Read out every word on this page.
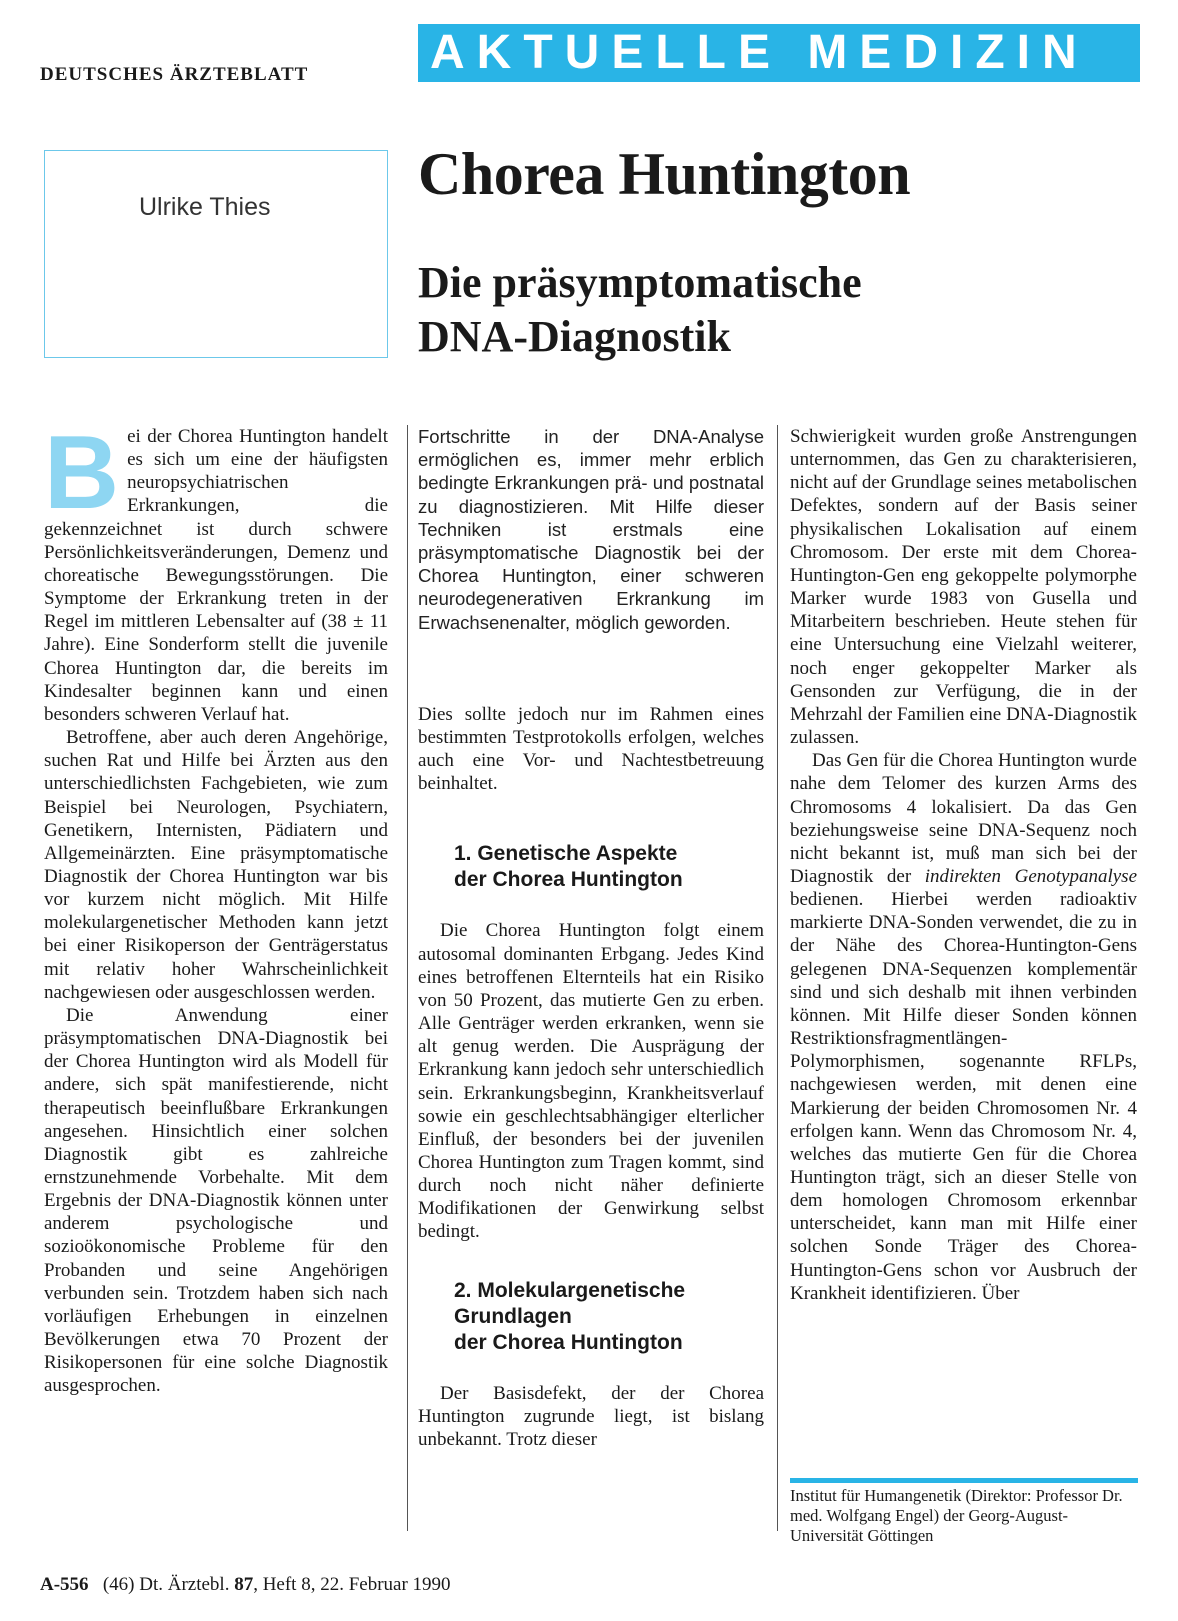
DEUTSCHES ÄRZTEBLATT	AKTUELLE MEDIZIN
Ulrike Thies Chorea Huntington
Die präsymptomatische
DNA-Diagnostik
B ei der Chorea Huntington handelt es sich um eine der häufigsten neuropsychiatrischen Erkrankungen, die gekennzeichnet ist durch schwere Persönlichkeitsveränderungen, Demenz und choreatische Bewegungsstörungen. Die Symptome der Erkrankung treten in der Regel im mittleren Lebensalter auf (38 ± 11 Jahre). Eine Sonderform stellt die juvenile Chorea Huntington dar, die bereits im Kindesalter beginnen kann und einen besonders schweren Verlauf hat.

Betroffene, aber auch deren Angehörige, suchen Rat und Hilfe bei Ärzten aus den unterschiedlichsten Fachgebieten, wie zum Beispiel bei Neurologen, Psychiatern, Genetikern, Internisten, Pädiatern und Allgemeinärzten. Eine präsymptomatische Diagnostik der Chorea Huntington war bis vor kurzem nicht möglich. Mit Hilfe molekulargenetischer Methoden kann jetzt bei einer Risikoperson der Genträgerstatus mit relativ hoher Wahrscheinlichkeit nachgewiesen oder ausgeschlossen werden.

Die Anwendung einer präsymptomatischen DNA-Diagnostik bei der Chorea Huntington wird als Modell für andere, sich spät manifestierende, nicht therapeutisch beeinflußbare Erkrankungen angesehen. Hinsichtlich einer solchen Diagnostik gibt es zahlreiche ernstzunehmende Vorbehalte. Mit dem Ergebnis der DNA-Diagnostik können unter anderem psychologische und sozioökonomische Probleme für den Probanden und seine Angehörigen verbunden sein. Trotzdem haben sich nach vorläufigen Erhebungen in einzelnen Bevölkerungen etwa 70 Prozent der Risikopersonen für eine solche Diagnostik ausgesprochen.

Fortschritte in der DNA-Analyse ermöglichen es, immer mehr erblich bedingte Erkrankungen prä- und postnatal zu diagnostizieren. Mit Hilfe dieser Techniken ist erstmals eine präsymptomatische Diagnostik bei der Chorea Huntington, einer schweren neurodegenerativen Erkrankung im Erwachsenenalter, möglich geworden.

Dies sollte jedoch nur im Rahmen eines bestimmten Testprotokolls erfolgen, welches auch eine Vor- und Nachtestbetreuung beinhaltet.

1. Genetische Aspekte
der Chorea Huntington

Die Chorea Huntington folgt einem autosomal dominanten Erbgang. Jedes Kind eines betroffenen Elternteils hat ein Risiko von 50 Prozent, das mutierte Gen zu erben. Alle Genträger werden erkranken, wenn sie alt genug werden. Die Ausprägung der Erkrankung kann jedoch sehr unterschiedlich sein. Erkrankungsbeginn, Krankheitsverlauf sowie ein geschlechtsabhängiger elterlicher Einfluß, der besonders bei der juvenilen Chorea Huntington zum Tragen kommt, sind durch noch nicht näher definierte Modifikationen der Genwirkung selbst bedingt.

2. Molekulargenetische
Grundlagen
der Chorea Huntington

Der Basisdefekt, der der Chorea Huntington zugrunde liegt, ist bislang unbekannt. Trotz dieser

Schwierigkeit wurden große Anstrengungen unternommen, das Gen zu charakterisieren, nicht auf der Grundlage seines metabolischen Defektes, sondern auf der Basis seiner physikalischen Lokalisation auf einem Chromosom. Der erste mit dem Chorea-Huntington-Gen eng gekoppelte polymorphe Marker wurde 1983 von Gusella und Mitarbeitern beschrieben. Heute stehen für eine Untersuchung eine Vielzahl weiterer, noch enger gekoppelter Marker als Gensonden zur Verfügung, die in der Mehrzahl der Familien eine DNA-Diagnostik zulassen.

Das Gen für die Chorea Huntington wurde nahe dem Telomer des kurzen Arms des Chromosoms 4 lokalisiert. Da das Gen beziehungsweise seine DNA-Sequenz noch nicht bekannt ist, muß man sich bei der Diagnostik der indirekten Genotypanalyse bedienen. Hierbei werden radioaktiv markierte DNA-Sonden verwendet, die zu in der Nähe des Chorea-Huntington-Gens gelegenen DNA-Sequenzen komplementär sind und sich deshalb mit ihnen verbinden können. Mit Hilfe dieser Sonden können Restriktionsfragmentlängen-Polymorphismen, sogenannte RFLPs, nachgewiesen werden, mit denen eine Markierung der beiden Chromosomen Nr. 4 erfolgen kann. Wenn das Chromosom Nr. 4, welches das mutierte Gen für die Chorea Huntington trägt, sich an dieser Stelle von dem homologen Chromosom erkennbar unterscheidet, kann man mit Hilfe einer solchen Sonde Träger des Chorea-Huntington-Gens schon vor Ausbruch der Krankheit identifizieren. Über

Institut für Humangenetik (Direktor: Professor Dr. med. Wolfgang Engel) der Georg-August-Universität Göttingen
A-556 (46) Dt. Ärztebl. 87, Heft 8, 22. Februar 1990
